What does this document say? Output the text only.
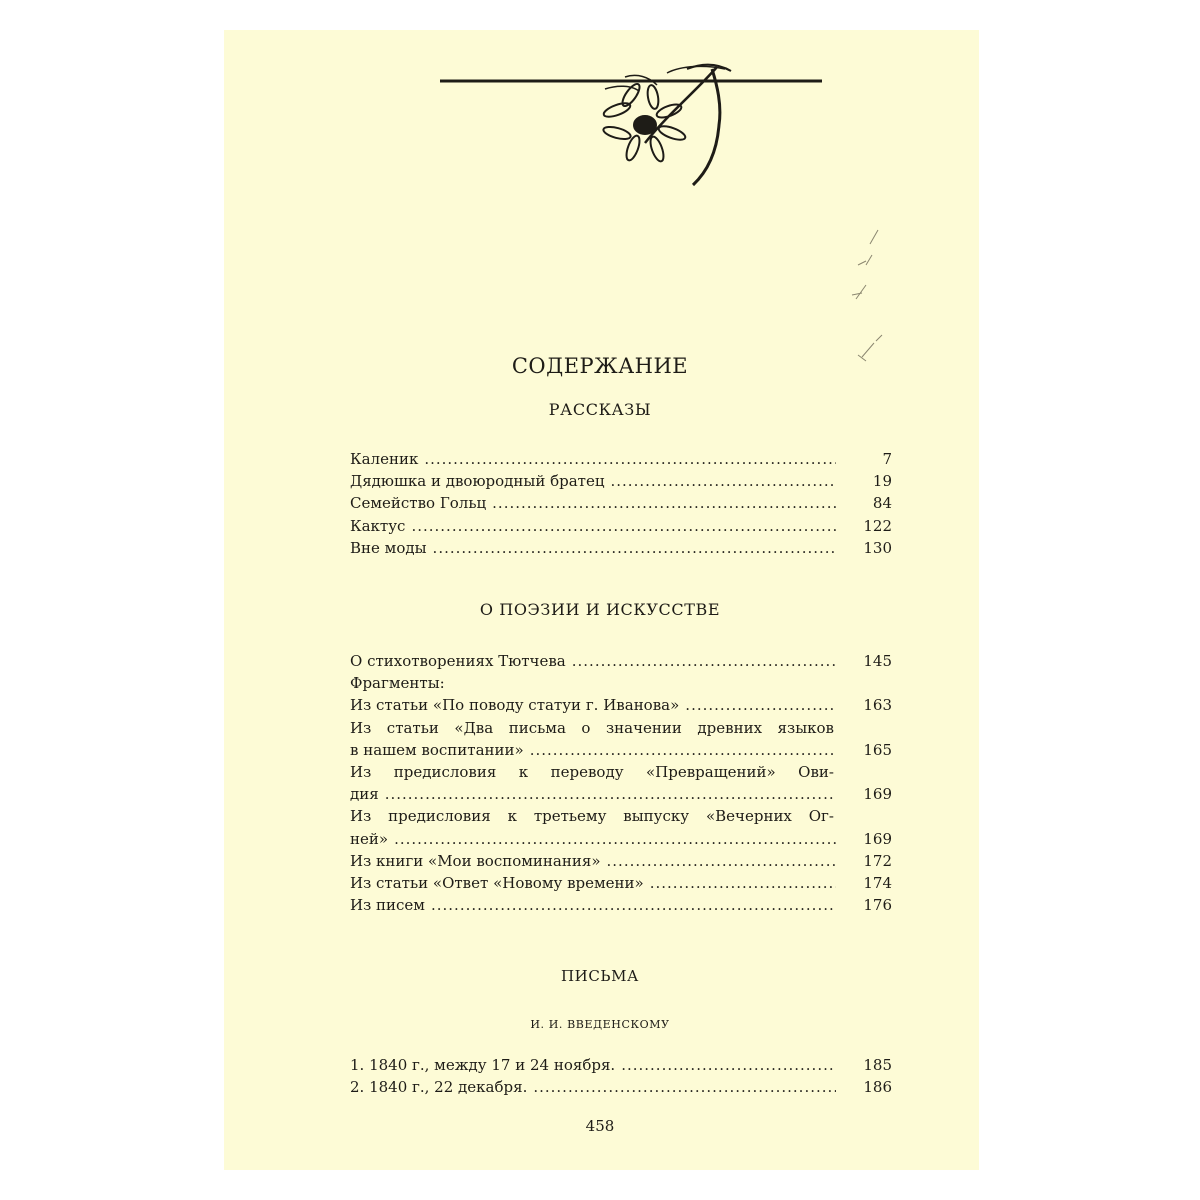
СОДЕРЖАНИЕ
РАССКАЗЫ
Каленик .....	7
Дядюшка и двоюродный братец .....	19
Семейство Гольц .....	84
Кактус .....	122
Вне моды .....	130
О ПОЭЗИИ И ИСКУССТВЕ
О стихотворениях Тютчева .....	145
Фрагменты:
Из статьи «По поводу статуи г. Иванова» .....	163
Из статьи «Два письма о значении древних языков
в нашем воспитании» .....	165
Из предисловия к переводу «Превращений» Ови-
дия .....	169
Из предисловия к третьему выпуску «Вечерних Ог-
ней» .....	169
Из книги «Мои воспоминания» .....	172
Из статьи «Ответ «Новому времени» .....	174
Из писем .....	176
ПИСЬМА
И. И. ВВЕДЕНСКОМУ
1. 1840 г., между 17 и 24 ноября. .....	185
2. 1840 г., 22 декабря. .....	186
458
